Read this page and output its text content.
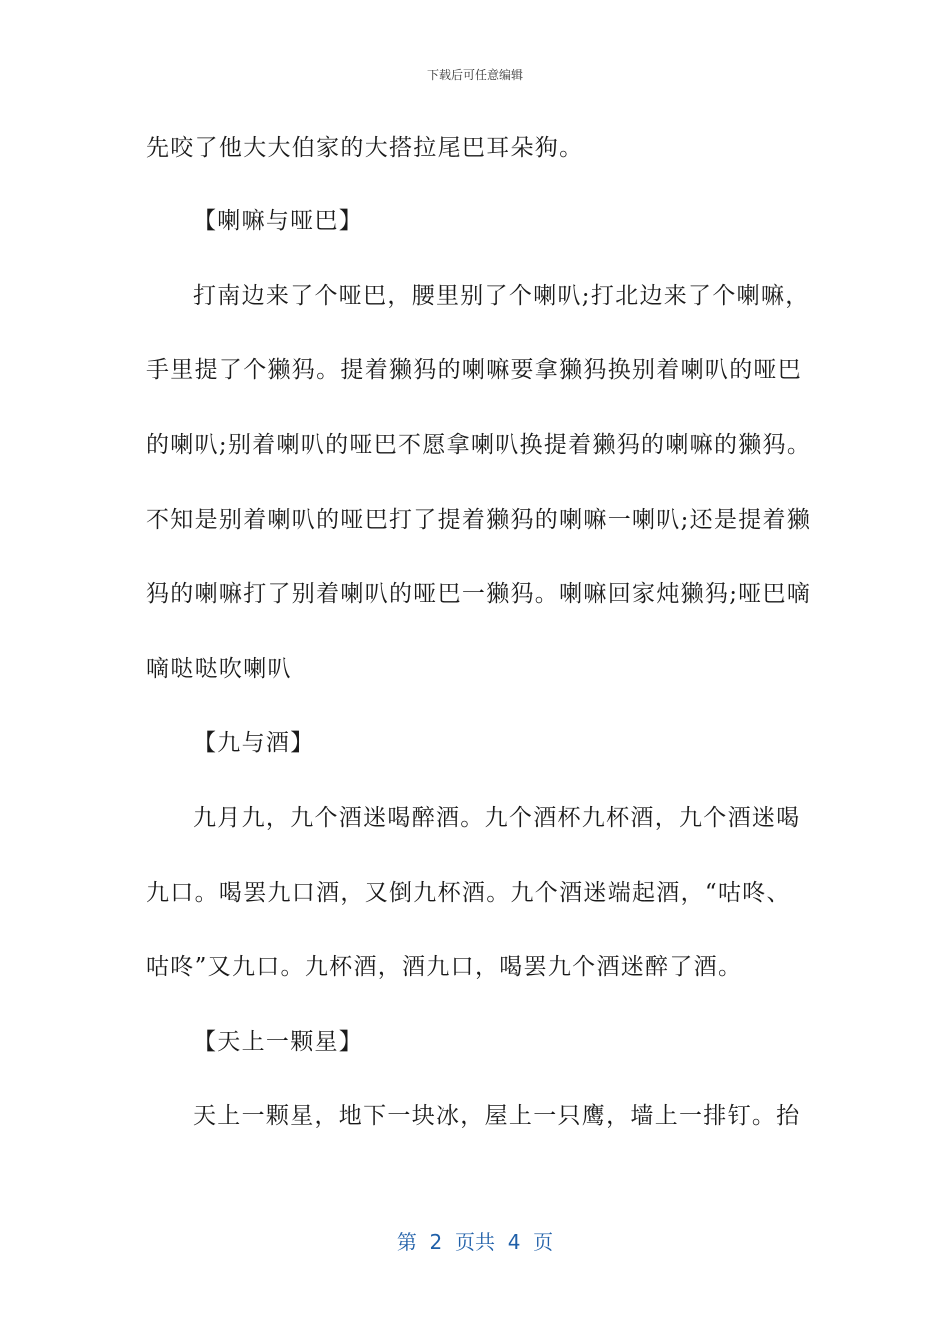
下载后可任意编辑
先咬了他大大伯家的大搭拉尾巴耳朵狗。
【喇嘛与哑巴】
打南边来了个哑巴，腰里别了个喇叭;打北边来了个喇嘛，
手里提了个獭犸。提着獭犸的喇嘛要拿獭犸换别着喇叭的哑巴
的喇叭;别着喇叭的哑巴不愿拿喇叭换提着獭犸的喇嘛的獭犸。
不知是别着喇叭的哑巴打了提着獭犸的喇嘛一喇叭;还是提着獭
犸的喇嘛打了别着喇叭的哑巴一獭犸。喇嘛回家炖獭犸;哑巴嘀
嘀哒哒吹喇叭
【九与酒】
九月九，九个酒迷喝醉酒。九个酒杯九杯酒，九个酒迷喝
九口。喝罢九口酒，又倒九杯酒。九个酒迷端起酒，“咕咚、
咕咚”又九口。九杯酒，酒九口，喝罢九个酒迷醉了酒。
【天上一颗星】
天上一颗星，地下一块冰，屋上一只鹰，墙上一排钉。抬
第  2  页共  4  页
